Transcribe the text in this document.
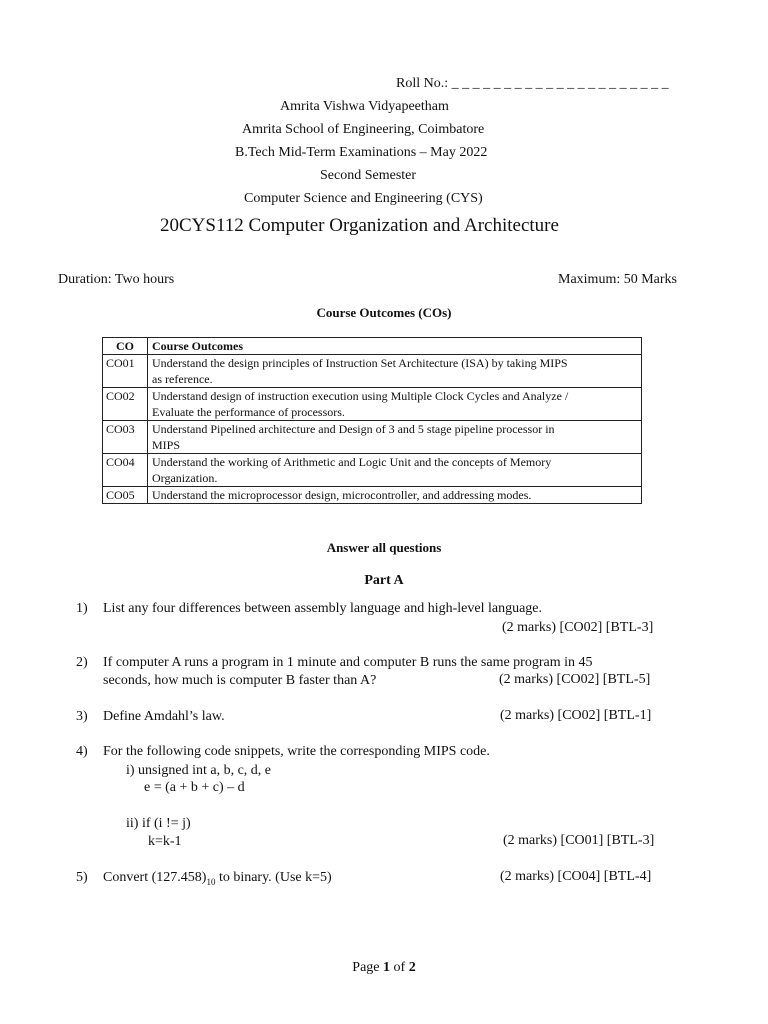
Roll No.: _ _ _ _ _ _ _ _ _ _ _ _ _ _ _ _ _ _ _ _ _
Amrita Vishwa Vidyapeetham
Amrita School of Engineering, Coimbatore
B.Tech Mid-Term Examinations – May 2022
Second Semester
Computer Science and Engineering (CYS)
20CYS112 Computer Organization and Architecture
Duration: Two hours	Maximum: 50 Marks
Course Outcomes (COs)
CO	Course Outcomes
CO01	Understand the design principles of Instruction Set Architecture (ISA) by taking MIPS
as reference.
CO02	Understand design of instruction execution using Multiple Clock Cycles and Analyze /
Evaluate the performance of processors.
CO03	Understand Pipelined architecture and Design of 3 and 5 stage pipeline processor in
MIPS
CO04	Understand the working of Arithmetic and Logic Unit and the concepts of Memory
Organization.
CO05	Understand the microprocessor design, microcontroller, and addressing modes.
Answer all questions
Part A
1) List any four differences between assembly language and high-level language.
(2 marks) [CO02] [BTL-3]
2) If computer A runs a program in 1 minute and computer B runs the same program in 45
seconds, how much is computer B faster than A?	(2 marks) [CO02] [BTL-5]
3) Define Amdahl’s law.	(2 marks) [CO02] [BTL-1]
4) For the following code snippets, write the corresponding MIPS code.
i) unsigned int a, b, c, d, e
e = (a + b + c) – d
ii) if (i != j)
k=k-1	(2 marks) [CO01] [BTL-3]
5) Convert $(127.458)_{10}$ to binary. (Use k=5)	(2 marks) [CO04] [BTL-4]
Page 1 of 2
